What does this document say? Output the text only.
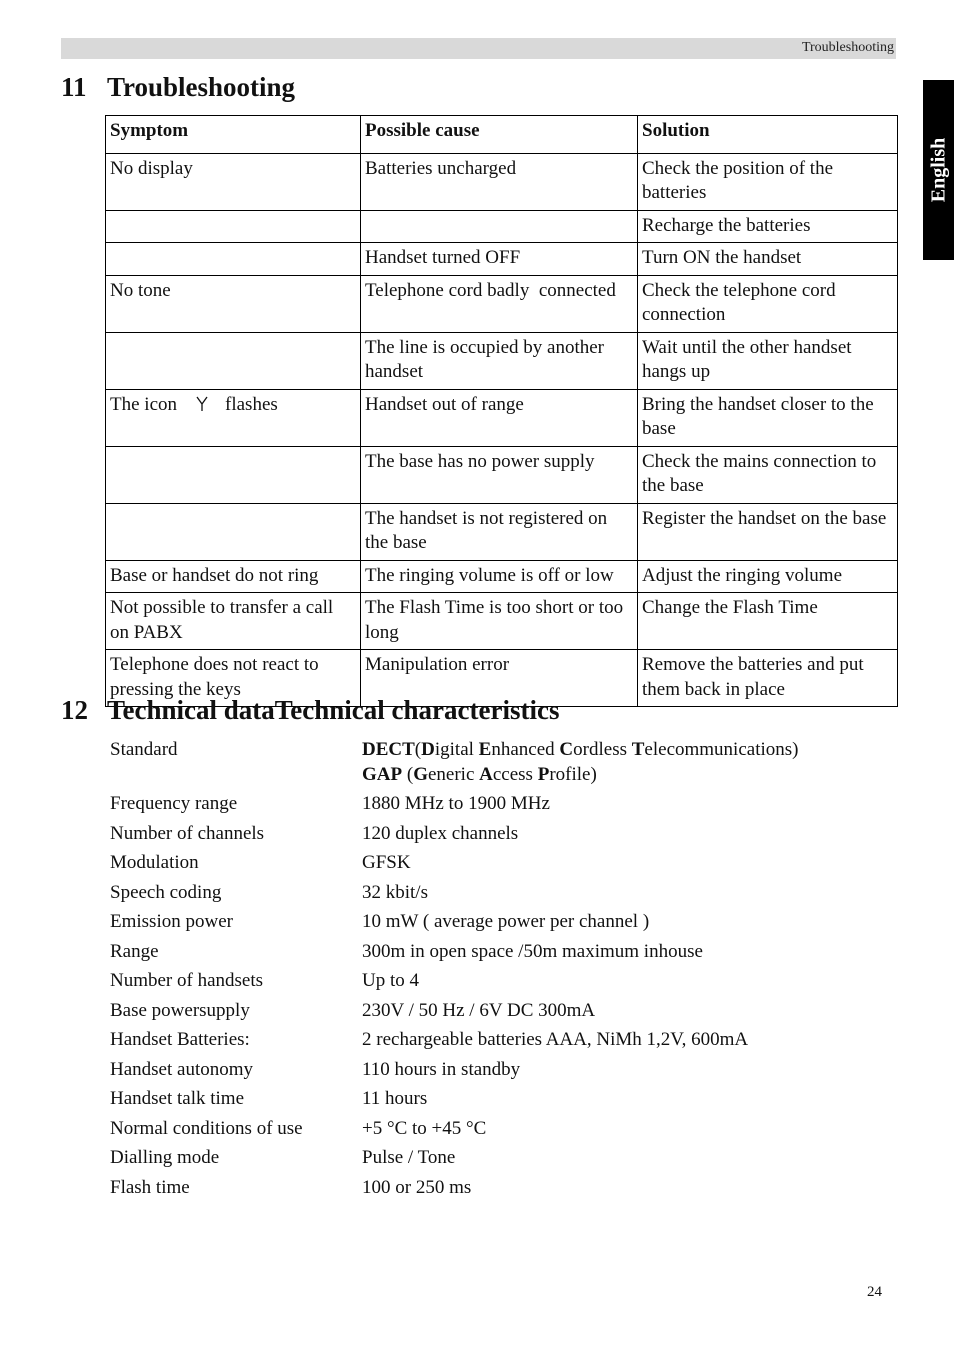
Troubleshooting
English
11 Troubleshooting
Symptom	Possible cause	Solution
No display	Batteries uncharged	Check the position of the batteries
		Recharge the batteries
	Handset turned OFF	Turn ON the handset
No tone	Telephone cord badly  connected	Check the telephone cord connection
	The line is occupied by another handset	Wait until the other handset hangs up
The icon flashes	Handset out of range	Bring the handset closer to the base
	The base has no power supply	Check the mains connection to the base
	The handset is not registered on the base	Register the handset on the base
Base or handset do not ring	The ringing volume is off or low	Adjust the ringing volume
Not possible to transfer a call on PABX	The Flash Time is too short or too long	Change the Flash Time
Telephone does not react to pressing the keys	Manipulation error	Remove the batteries and put them back in place
12 Technical dataTechnical characteristics
Standard	DECT(Digital Enhanced Cordless Telecommunications)
GAP (Generic Access Profile)
Frequency range	1880 MHz to 1900 MHz
Number of channels	120 duplex channels
Modulation	GFSK
Speech coding	32 kbit/s
Emission power	10 mW ( average power per channel )
Range	300m in open space /50m maximum inhouse
Number of handsets	Up to 4
Base powersupply	230V / 50 Hz / 6V DC 300mA
Handset Batteries:	2 rechargeable batteries AAA, NiMh 1,2V, 600mA
Handset autonomy	110 hours in standby
Handset talk time	11 hours
Normal conditions of use	+5 °C to +45 °C
Dialling mode	Pulse / Tone
Flash time	100 or 250 ms
24
